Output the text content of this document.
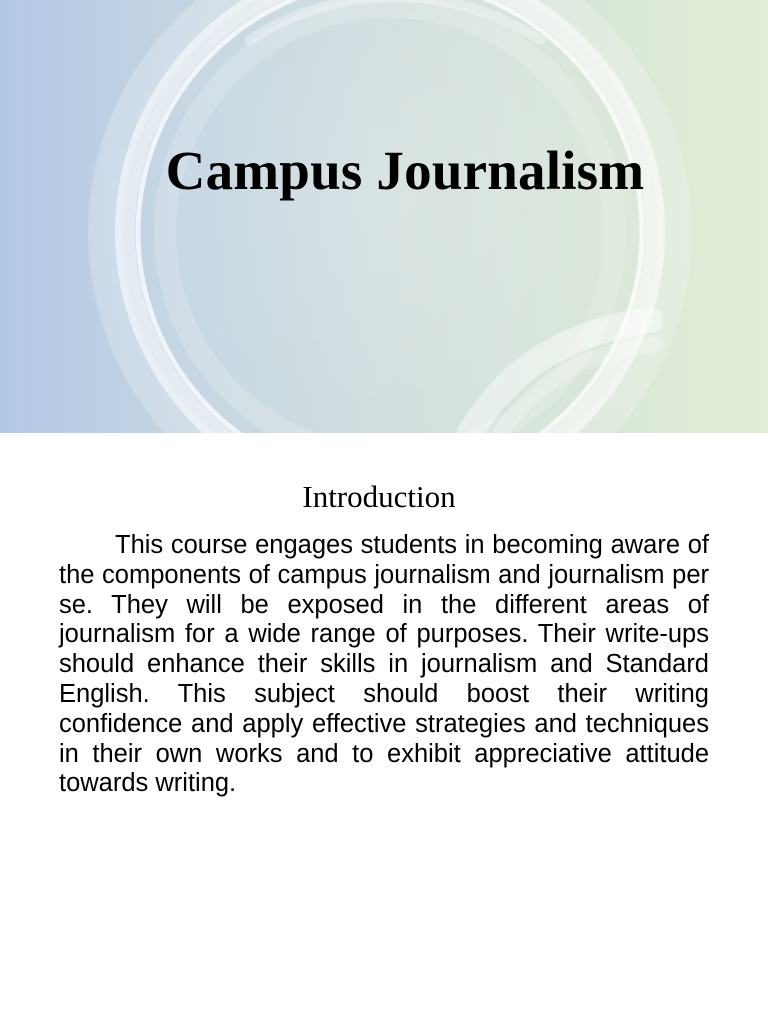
Campus Journalism
Introduction

This course engages students in becoming aware of the components of campus journalism and journalism per se. They will be exposed in the different areas of journalism for a wide range of purposes. Their write-ups should enhance their skills in journalism and Standard English. This subject should boost their writing confidence and apply effective strategies and techniques in their own works and to exhibit appreciative attitude towards writing.
